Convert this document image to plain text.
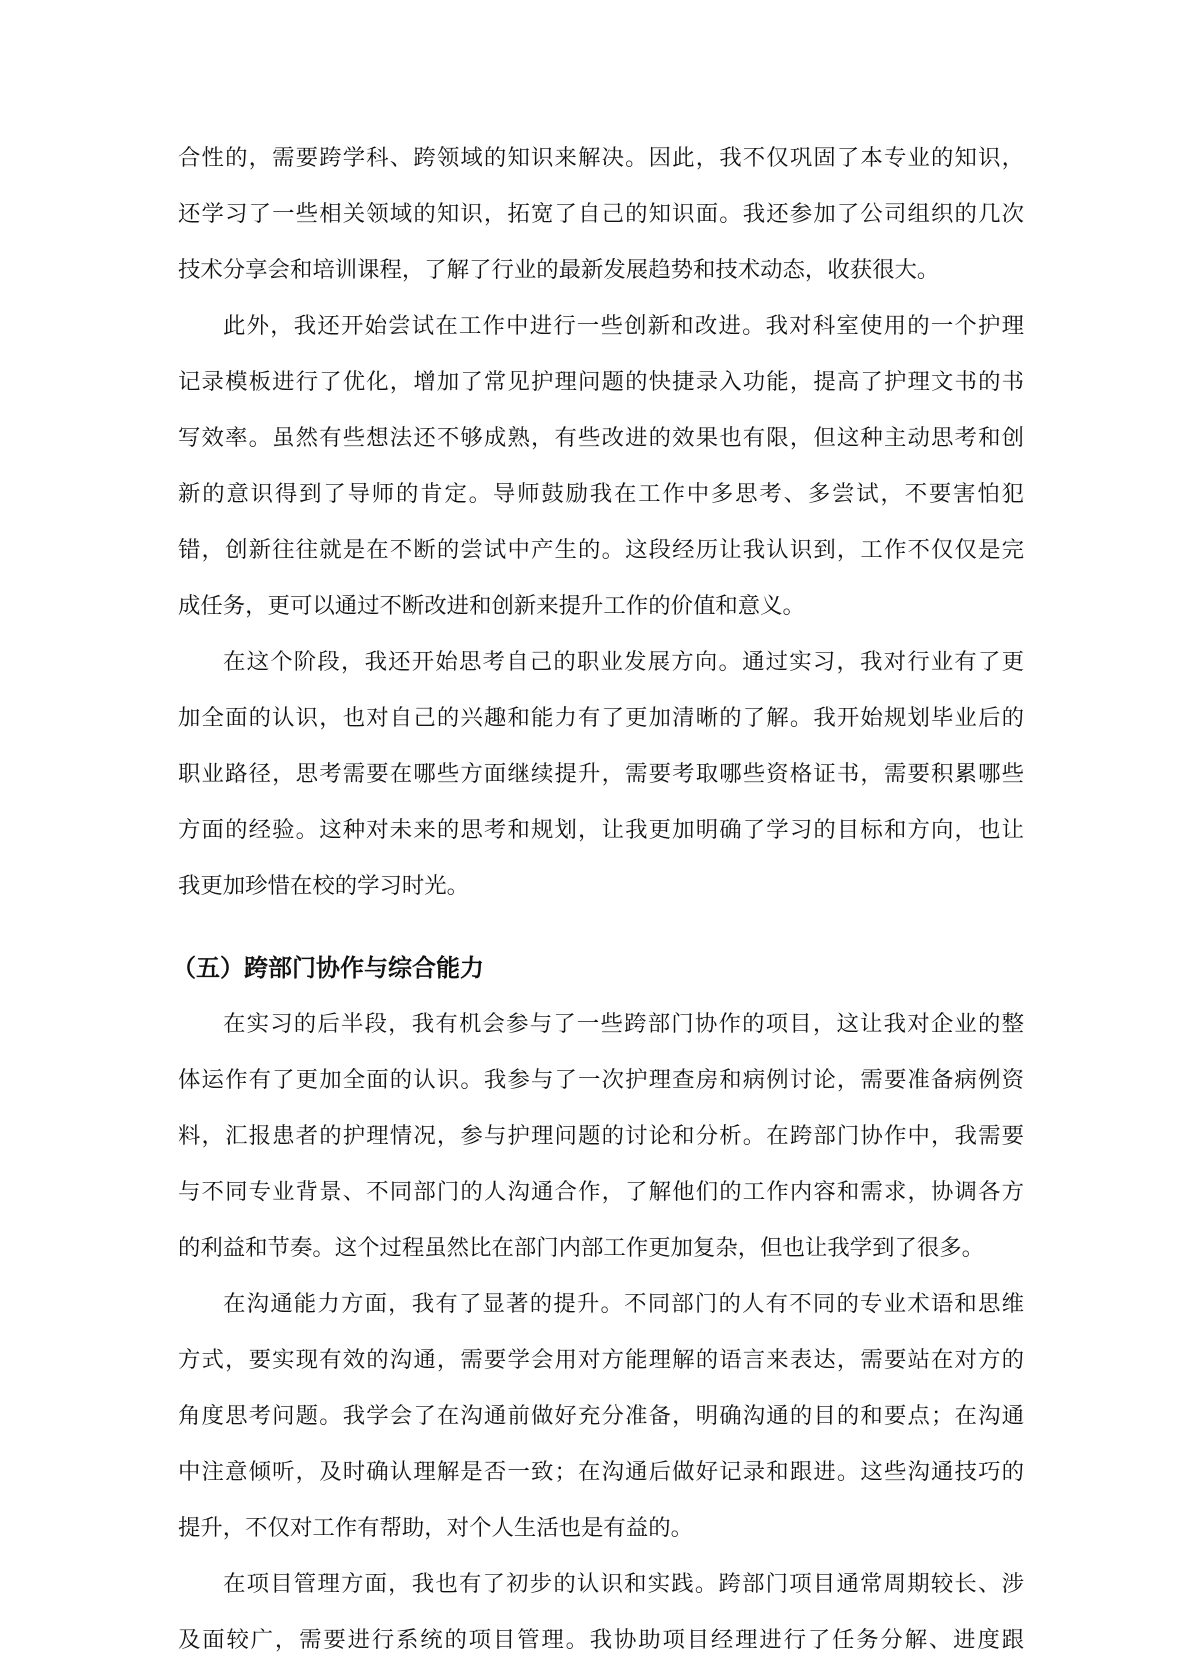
合性的，需要跨学科、跨领域的知识来解决。因此，我不仅巩固了本专业的知识，
还学习了一些相关领域的知识，拓宽了自己的知识面。我还参加了公司组织的几次
技术分享会和培训课程，了解了行业的最新发展趋势和技术动态，收获很大。
此外，我还开始尝试在工作中进行一些创新和改进。我对科室使用的一个护理
记录模板进行了优化，增加了常见护理问题的快捷录入功能，提高了护理文书的书
写效率。虽然有些想法还不够成熟，有些改进的效果也有限，但这种主动思考和创
新的意识得到了导师的肯定。导师鼓励我在工作中多思考、多尝试，不要害怕犯
错，创新往往就是在不断的尝试中产生的。这段经历让我认识到，工作不仅仅是完
成任务，更可以通过不断改进和创新来提升工作的价值和意义。
在这个阶段，我还开始思考自己的职业发展方向。通过实习，我对行业有了更
加全面的认识，也对自己的兴趣和能力有了更加清晰的了解。我开始规划毕业后的
职业路径，思考需要在哪些方面继续提升，需要考取哪些资格证书，需要积累哪些
方面的经验。这种对未来的思考和规划，让我更加明确了学习的目标和方向，也让
我更加珍惜在校的学习时光。
（五）跨部门协作与综合能力
在实习的后半段，我有机会参与了一些跨部门协作的项目，这让我对企业的整
体运作有了更加全面的认识。我参与了一次护理查房和病例讨论，需要准备病例资
料，汇报患者的护理情况，参与护理问题的讨论和分析。在跨部门协作中，我需要
与不同专业背景、不同部门的人沟通合作，了解他们的工作内容和需求，协调各方
的利益和节奏。这个过程虽然比在部门内部工作更加复杂，但也让我学到了很多。
在沟通能力方面，我有了显著的提升。不同部门的人有不同的专业术语和思维
方式，要实现有效的沟通，需要学会用对方能理解的语言来表达，需要站在对方的
角度思考问题。我学会了在沟通前做好充分准备，明确沟通的目的和要点；在沟通
中注意倾听，及时确认理解是否一致；在沟通后做好记录和跟进。这些沟通技巧的
提升，不仅对工作有帮助，对个人生活也是有益的。
在项目管理方面，我也有了初步的认识和实践。跨部门项目通常周期较长、涉
及面较广，需要进行系统的项目管理。我协助项目经理进行了任务分解、进度跟
